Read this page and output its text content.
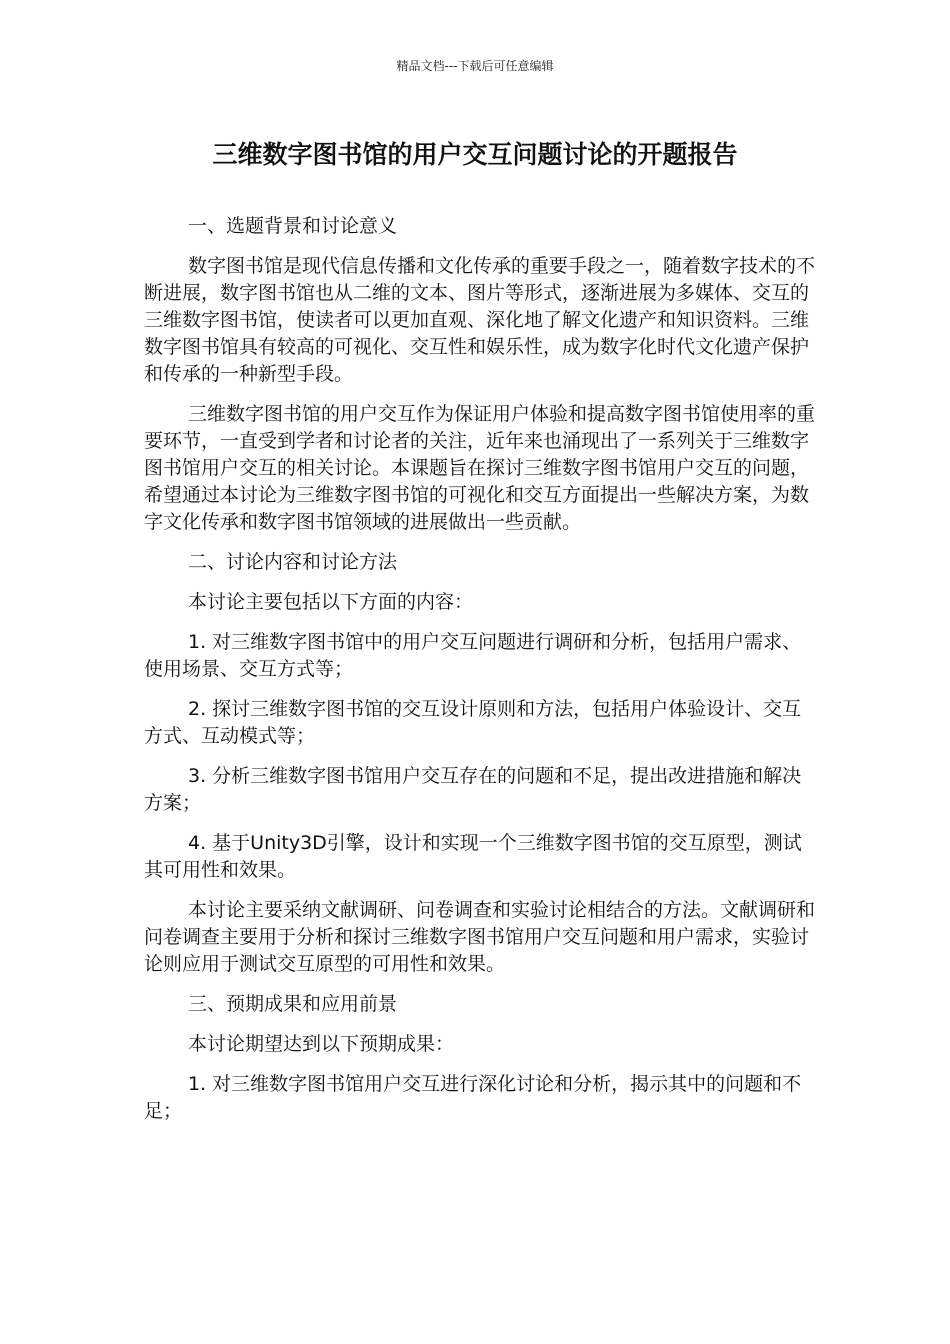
精品文档---下载后可任意编辑
三维数字图书馆的用户交互问题讨论的开题报告

一、选题背景和讨论意义

数字图书馆是现代信息传播和文化传承的重要手段之一，随着数字技术的不断进展，数字图书馆也从二维的文本、图片等形式，逐渐进展为多媒体、交互的三维数字图书馆，使读者可以更加直观、深化地了解文化遗产和知识资料。三维数字图书馆具有较高的可视化、交互性和娱乐性，成为数字化时代文化遗产保护和传承的一种新型手段。

三维数字图书馆的用户交互作为保证用户体验和提高数字图书馆使用率的重要环节，一直受到学者和讨论者的关注，近年来也涌现出了一系列关于三维数字图书馆用户交互的相关讨论。本课题旨在探讨三维数字图书馆用户交互的问题，希望通过本讨论为三维数字图书馆的可视化和交互方面提出一些解决方案，为数字文化传承和数字图书馆领域的进展做出一些贡献。

二、讨论内容和讨论方法

本讨论主要包括以下方面的内容：

1. 对三维数字图书馆中的用户交互问题进行调研和分析，包括用户需求、使用场景、交互方式等；

2. 探讨三维数字图书馆的交互设计原则和方法，包括用户体验设计、交互方式、互动模式等；

3. 分析三维数字图书馆用户交互存在的问题和不足，提出改进措施和解决方案；

4. 基于Unity3D引擎，设计和实现一个三维数字图书馆的交互原型，测试其可用性和效果。

本讨论主要采纳文献调研、问卷调查和实验讨论相结合的方法。文献调研和问卷调查主要用于分析和探讨三维数字图书馆用户交互问题和用户需求，实验讨论则应用于测试交互原型的可用性和效果。

三、预期成果和应用前景

本讨论期望达到以下预期成果：

1. 对三维数字图书馆用户交互进行深化讨论和分析，揭示其中的问题和不足；
